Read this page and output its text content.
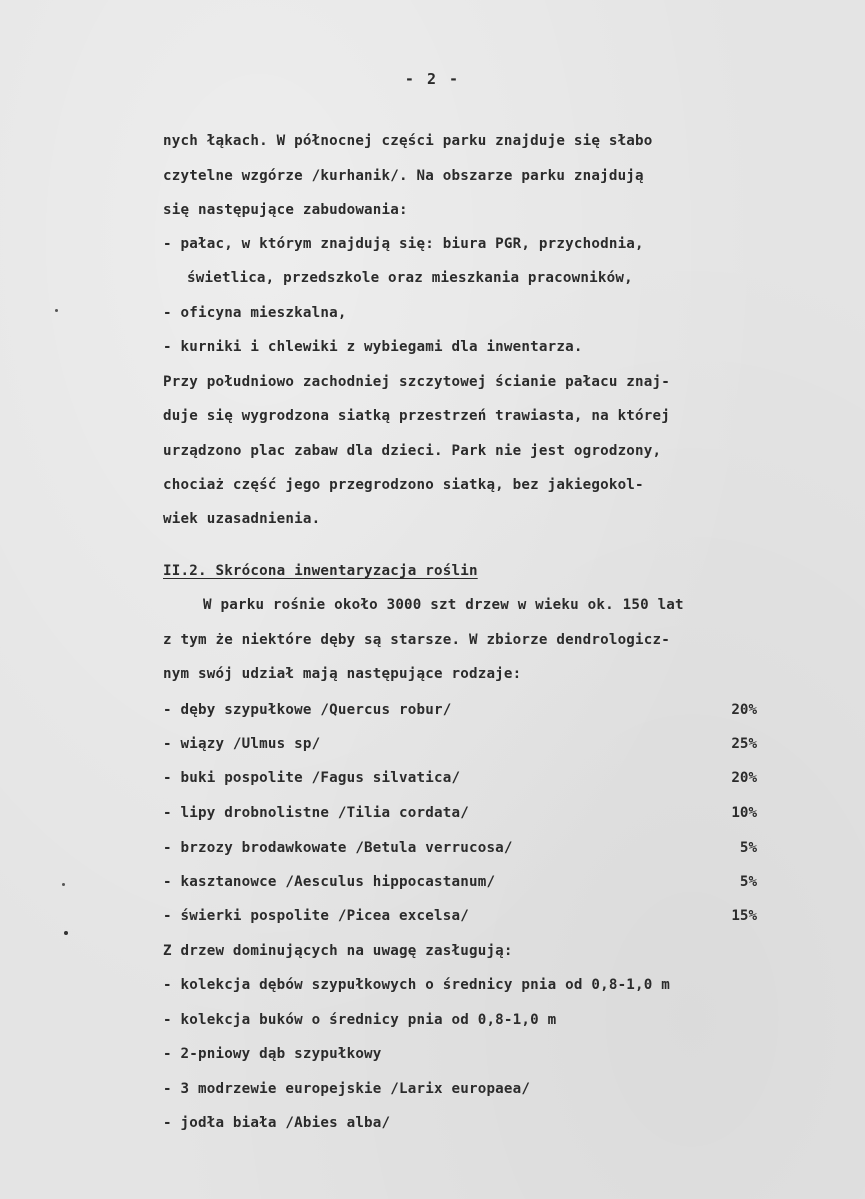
- 2 -
nych łąkach. W północnej części parku znajduje się słabo
czytelne wzgórze /kurhanik/. Na obszarze parku znajdują
się następujące zabudowania:
- pałac, w którym znajdują się: biura PGR, przychodnia,
świetlica, przedszkole oraz mieszkania pracowników,
- oficyna mieszkalna,
- kurniki i chlewiki z wybiegami dla inwentarza.
Przy południowo zachodniej szczytowej ścianie pałacu znaj-
duje się wygrodzona siatką przestrzeń trawiasta, na której
urządzono plac zabaw dla dzieci. Park nie jest ogrodzony,
chociaż część jego przegrodzono siatką, bez jakiegokol-
wiek uzasadnienia.
II.2. Skrócona inwentaryzacja roślin
W parku rośnie około 3000 szt drzew w wieku ok. 150 lat
z tym że niektóre dęby są starsze. W zbiorze dendrologicz-
nym swój udział mają następujące rodzaje:
- dęby szypułkowe /Quercus robur/	20%
- wiązy /Ulmus sp/	25%
- buki pospolite /Fagus silvatica/	20%
- lipy drobnolistne /Tilia cordata/	10%
- brzozy brodawkowate /Betula verrucosa/	5%
- kasztanowce /Aesculus hippocastanum/	5%
- świerki pospolite /Picea excelsa/	15%
Z drzew dominujących na uwagę zasługują:
- kolekcja dębów szypułkowych o średnicy pnia od 0,8-1,0 m
- kolekcja buków o średnicy pnia od 0,8-1,0 m
- 2-pniowy dąb szypułkowy
- 3 modrzewie europejskie /Larix europaea/
- jodła biała /Abies alba/
